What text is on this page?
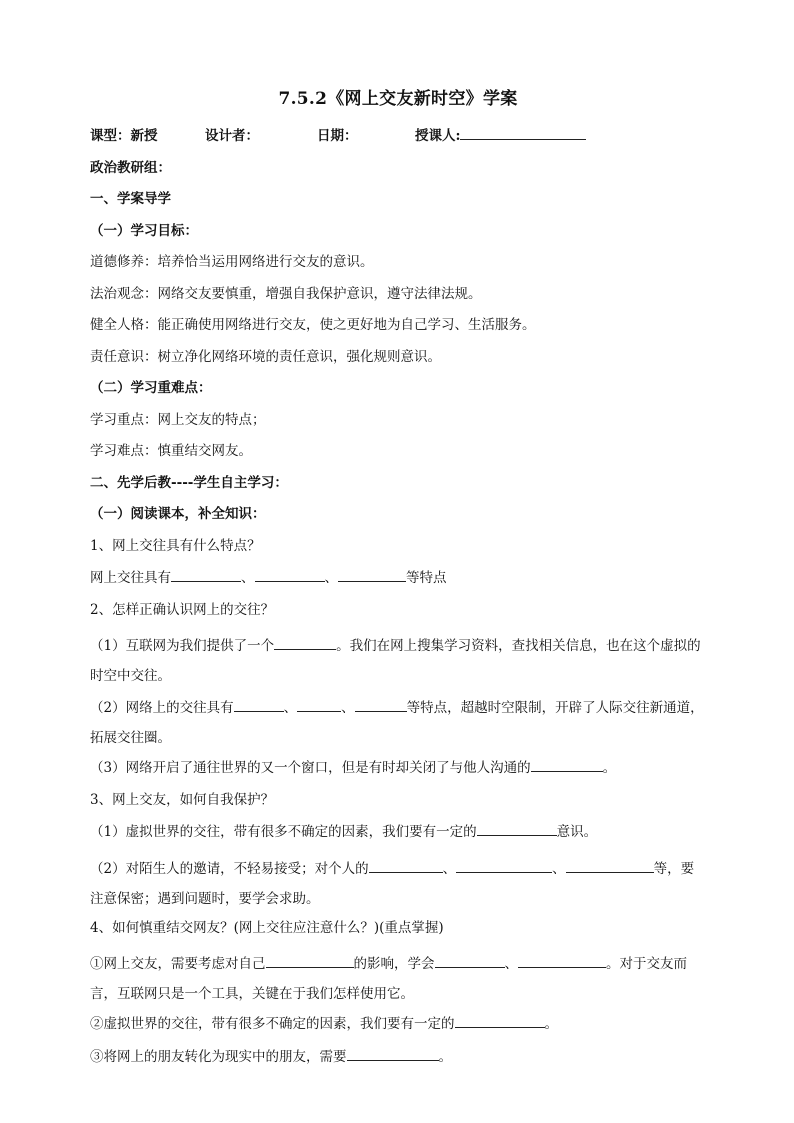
7.5.2《网上交友新时空》学案
课型：新授	设计者：	日期：	授课人:
政治教研组：
一、学案导学
（一）学习目标：
道德修养：培养恰当运用网络进行交友的意识。
法治观念：网络交友要慎重，增强自我保护意识，遵守法律法规。
健全人格：能正确使用网络进行交友，使之更好地为自己学习、生活服务。
责任意识：树立净化网络环境的责任意识，强化规则意识。
（二）学习重难点：
学习重点：网上交友的特点；
学习难点：慎重结交网友。
二、先学后教----学生自主学习：
（一）阅读课本，补全知识：
1、网上交往具有什么特点？
网上交往具有	、	、	等特点
2、怎样正确认识网上的交往？
（1）互联网为我们提供了一个	。我们在网上搜集学习资料，查找相关信息，也在这个虚拟的时空中交往。
（2）网络上的交往具有	、	、	等特点，超越时空限制，开辟了人际交往新通道，拓展交往圈。
（3）网络开启了通往世界的又一个窗口，但是有时却关闭了与他人沟通的	。
3、网上交友，如何自我保护？
（1）虚拟世界的交往，带有很多不确定的因素，我们要有一定的	意识。
（2）对陌生人的邀请，不轻易接受；对个人的	、	、	等，要注意保密；遇到问题时，要学会求助。
4、如何慎重结交网友？(网上交往应注意什么？)(重点掌握)
①网上交友，需要考虑对自己	的影响，学会	、	。对于交友而言，互联网只是一个工具，关键在于我们怎样使用它。
②虚拟世界的交往，带有很多不确定的因素，我们要有一定的	。
③将网上的朋友转化为现实中的朋友，需要	。
